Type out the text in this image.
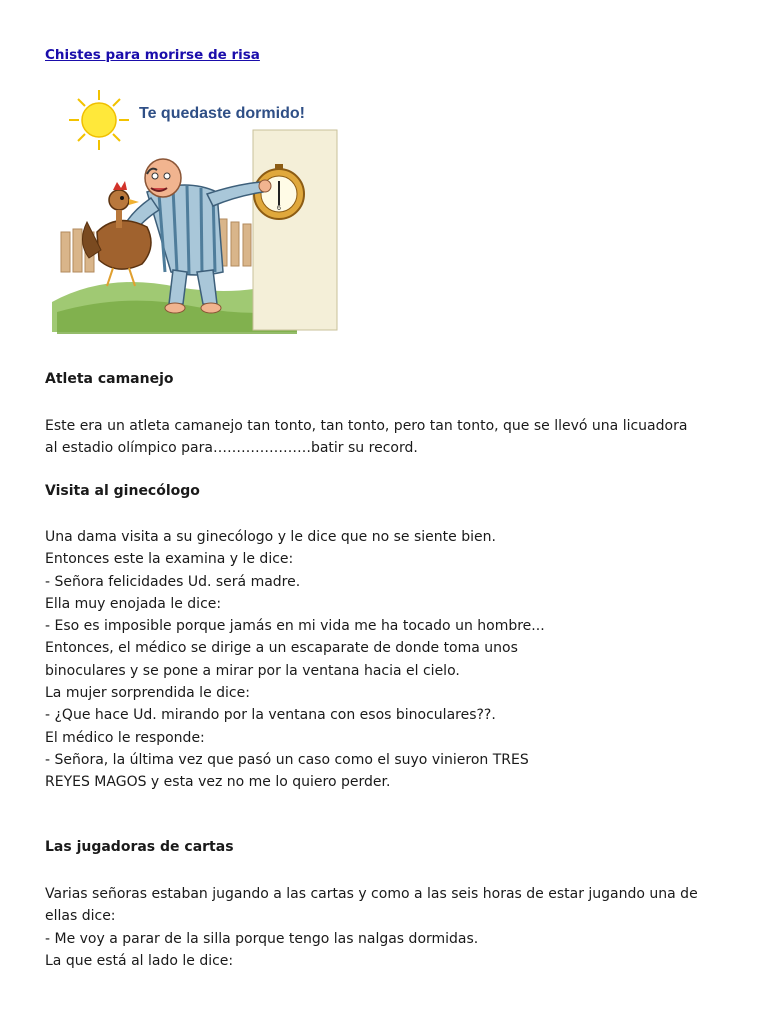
Chistes para morirse de risa
Te quedaste dormido!
6
Atleta camanejo
Este era un atleta camanejo tan tonto, tan tonto, pero tan tonto, que se llevó una licuadora
al estadio olímpico para…………………batir su record.
Visita al ginecólogo
Una dama visita a su ginecólogo y le dice que no se siente bien.
Entonces este la examina y le dice:
- Señora felicidades Ud. será madre.
Ella muy enojada le dice:
- Eso es imposible porque jamás en mi vida me ha tocado un hombre...
Entonces, el médico se dirige a un escaparate de donde toma unos
binoculares y se pone a mirar por la ventana hacia el cielo.
La mujer sorprendida le dice:
- ¿Que hace Ud. mirando por la ventana con esos binoculares??.
El médico le responde:
- Señora, la última vez que pasó un caso como el suyo vinieron TRES
REYES MAGOS y esta vez no me lo quiero perder.
Las jugadoras de cartas
Varias señoras estaban jugando a las cartas y como a las seis horas de estar jugando una de
ellas dice:
- Me voy a parar de la silla porque tengo las nalgas dormidas.
La que está al lado le dice:
